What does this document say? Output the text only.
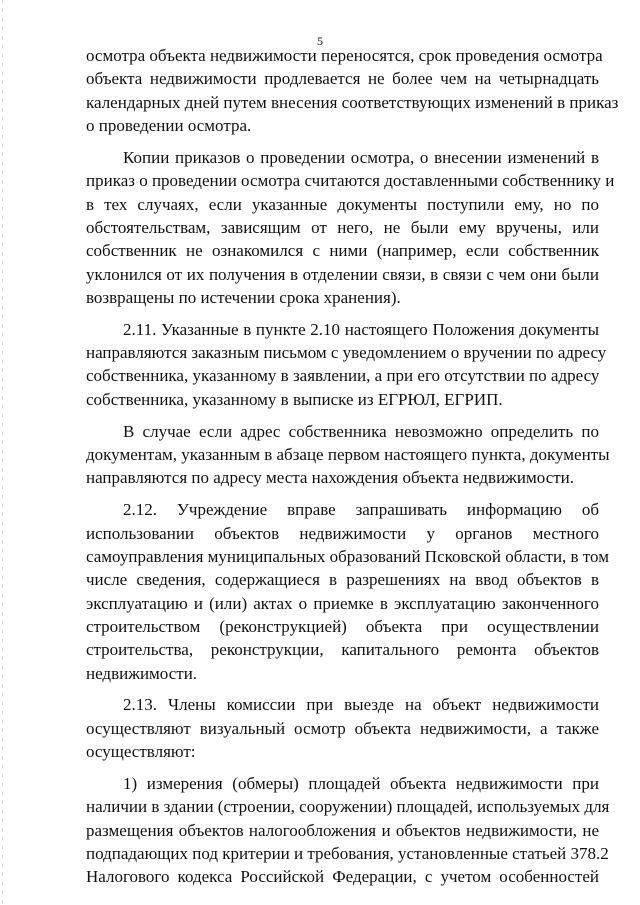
5
осмотра объекта недвижимости переносятся, срок проведения осмотра
объекта недвижимости продлевается не более чем на четырнадцать
календарных дней путем внесения соответствующих изменений в приказ
о проведении осмотра.
Копии приказов о проведении осмотра, о внесении изменений в
приказ о проведении осмотра считаются доставленными собственнику и
в тех случаях, если указанные документы поступили ему, но по
обстоятельствам, зависящим от него, не были ему вручены, или
собственник не ознакомился с ними (например, если собственник
уклонился от их получения в отделении связи, в связи с чем они были
возвращены по истечении срока хранения).
2.11. Указанные в пункте 2.10 настоящего Положения документы
направляются заказным письмом с уведомлением о вручении по адресу
собственника, указанному в заявлении, а при его отсутствии по адресу
собственника, указанному в выписке из ЕГРЮЛ, ЕГРИП.
В случае если адрес собственника невозможно определить по
документам, указанным в абзаце первом настоящего пункта, документы
направляются по адресу места нахождения объекта недвижимости.
2.12. Учреждение вправе запрашивать информацию об
использовании объектов недвижимости у органов местного
самоуправления муниципальных образований Псковской области, в том
числе сведения, содержащиеся в разрешениях на ввод объектов в
эксплуатацию и (или) актах о приемке в эксплуатацию законченного
строительством (реконструкцией) объекта при осуществлении
строительства, реконструкции, капитального ремонта объектов
недвижимости.
2.13. Члены комиссии при выезде на объект недвижимости
осуществляют визуальный осмотр объекта недвижимости, а также
осуществляют:
1) измерения (обмеры) площадей объекта недвижимости при
наличии в здании (строении, сооружении) площадей, используемых для
размещения объектов налогообложения и объектов недвижимости, не
подпадающих под критерии и требования, установленные статьей 378.2
Налогового кодекса Российской Федерации, с учетом особенностей
